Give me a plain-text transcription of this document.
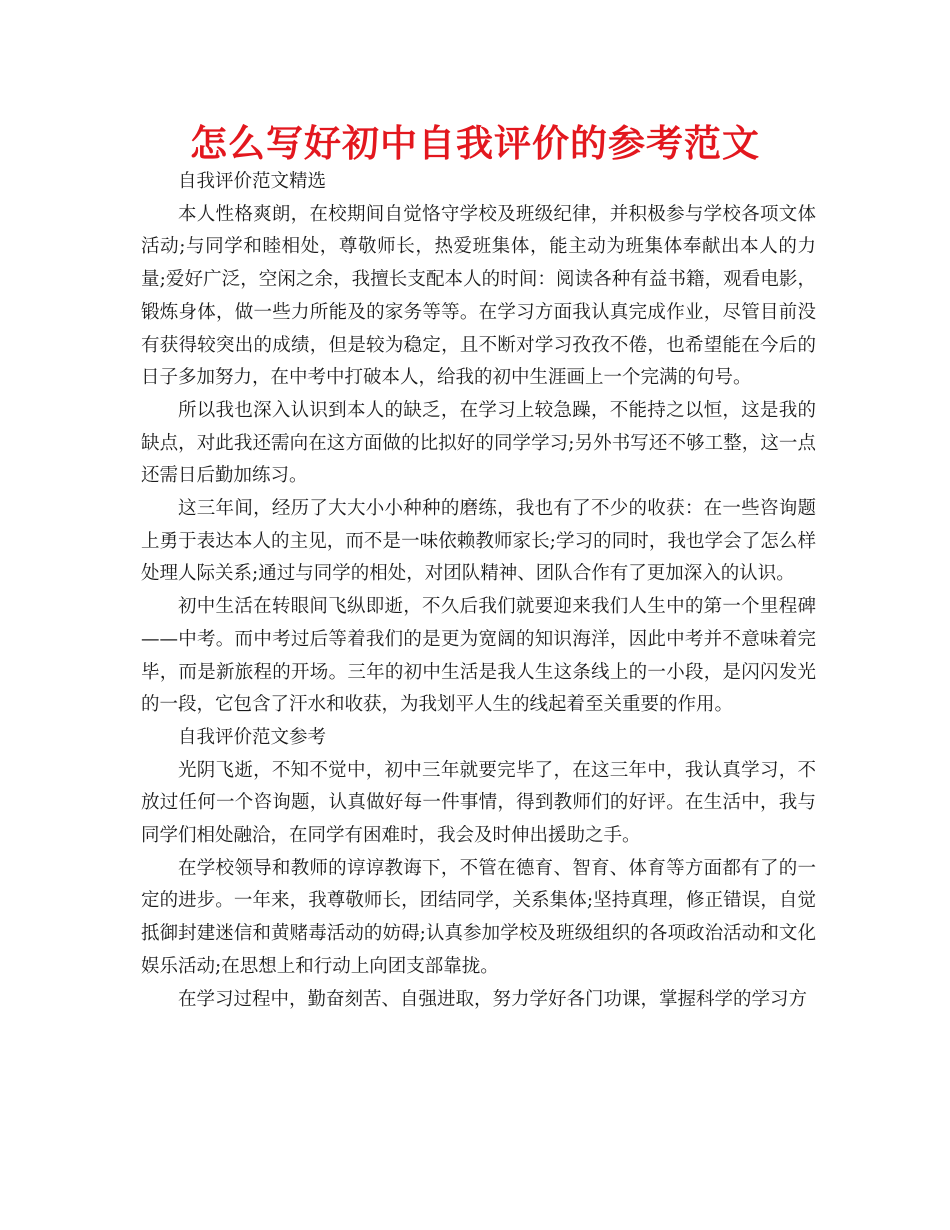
怎么写好初中自我评价的参考范文

自我评价范文精选

本人性格爽朗，在校期间自觉恪守学校及班级纪律，并积极参与学校各项文体活动;与同学和睦相处，尊敬师长，热爱班集体，能主动为班集体奉献出本人的力量;爱好广泛，空闲之余，我擅长支配本人的时间：阅读各种有益书籍，观看电影，锻炼身体，做一些力所能及的家务等等。在学习方面我认真完成作业，尽管目前没有获得较突出的成绩，但是较为稳定，且不断对学习孜孜不倦，也希望能在今后的日子多加努力，在中考中打破本人，给我的初中生涯画上一个完满的句号。

所以我也深入认识到本人的缺乏，在学习上较急躁，不能持之以恒，这是我的缺点，对此我还需向在这方面做的比拟好的同学学习;另外书写还不够工整，这一点还需日后勤加练习。

这三年间，经历了大大小小种种的磨练，我也有了不少的收获：在一些咨询题上勇于表达本人的主见，而不是一味依赖教师家长;学习的同时，我也学会了怎么样处理人际关系;通过与同学的相处，对团队精神、团队合作有了更加深入的认识。

初中生活在转眼间飞纵即逝，不久后我们就要迎来我们人生中的第一个里程碑——中考。而中考过后等着我们的是更为宽阔的知识海洋，因此中考并不意味着完毕，而是新旅程的开场。三年的初中生活是我人生这条线上的一小段，是闪闪发光的一段，它包含了汗水和收获，为我划平人生的线起着至关重要的作用。

自我评价范文参考

光阴飞逝，不知不觉中，初中三年就要完毕了，在这三年中，我认真学习，不放过任何一个咨询题，认真做好每一件事情，得到教师们的好评。在生活中，我与同学们相处融洽，在同学有困难时，我会及时伸出援助之手。

在学校领导和教师的谆谆教诲下，不管在德育、智育、体育等方面都有了的一定的进步。一年来，我尊敬师长，团结同学，关系集体;坚持真理，修正错误，自觉抵御封建迷信和黄赌毒活动的妨碍;认真参加学校及班级组织的各项政治活动和文化娱乐活动;在思想上和行动上向团支部靠拢。

在学习过程中，勤奋刻苦、自强进取，努力学好各门功课，掌握科学的学习方
